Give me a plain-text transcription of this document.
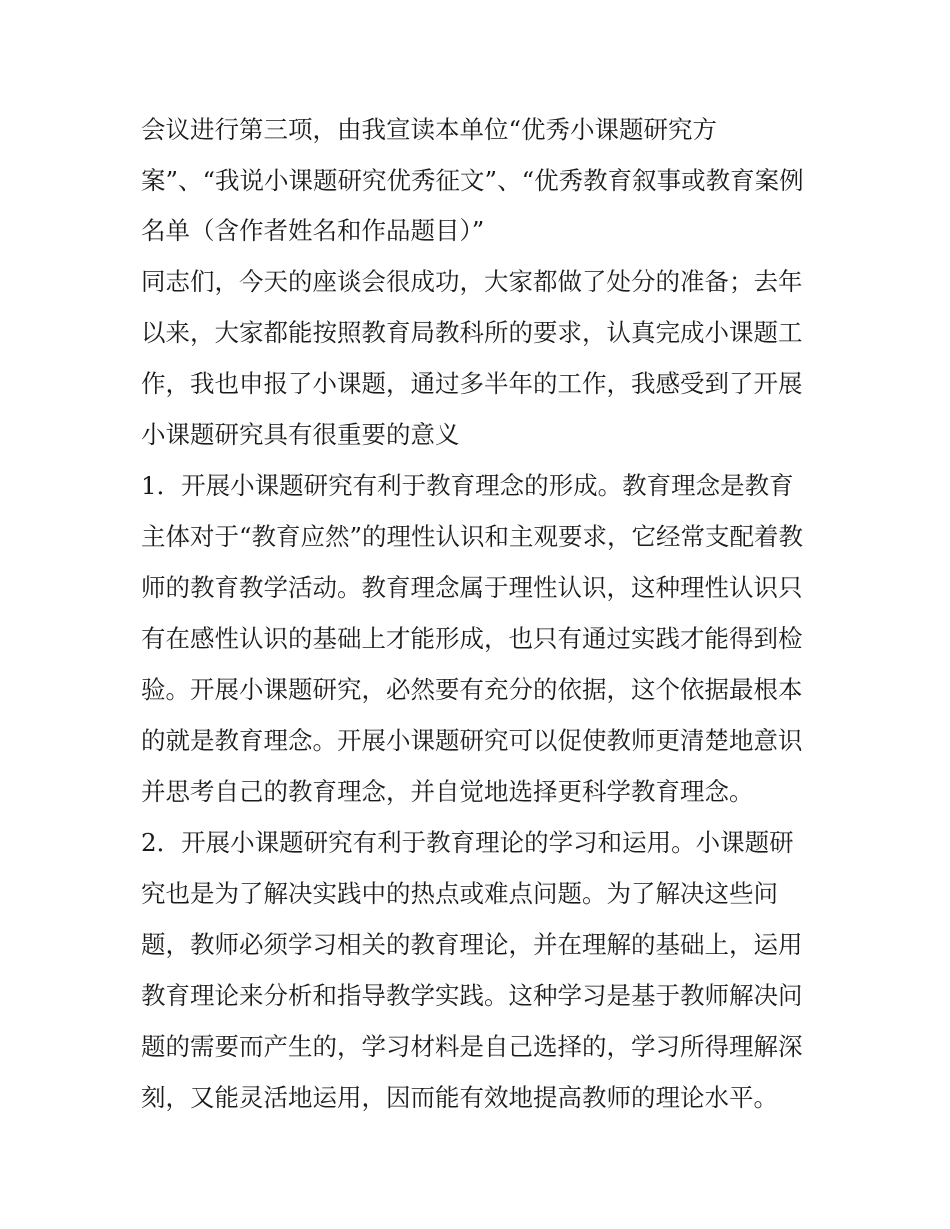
会议进行第三项，由我宣读本单位“优秀小课题研究方
案”、“我说小课题研究优秀征文”、“优秀教育叙事或教育案例
名单（含作者姓名和作品题目）”
同志们，今天的座谈会很成功，大家都做了处分的准备；去年
以来，大家都能按照教育局教科所的要求，认真完成小课题工
作，我也申报了小课题，通过多半年的工作，我感受到了开展
小课题研究具有很重要的意义
1．开展小课题研究有利于教育理念的形成。教育理念是教育
主体对于“教育应然”的理性认识和主观要求，它经常支配着教
师的教育教学活动。教育理念属于理性认识，这种理性认识只
有在感性认识的基础上才能形成，也只有通过实践才能得到检
验。开展小课题研究，必然要有充分的依据，这个依据最根本
的就是教育理念。开展小课题研究可以促使教师更清楚地意识
并思考自己的教育理念，并自觉地选择更科学教育理念。
2．开展小课题研究有利于教育理论的学习和运用。小课题研
究也是为了解决实践中的热点或难点问题。为了解决这些问
题，教师必须学习相关的教育理论，并在理解的基础上，运用
教育理论来分析和指导教学实践。这种学习是基于教师解决问
题的需要而产生的，学习材料是自己选择的，学习所得理解深
刻，又能灵活地运用，因而能有效地提高教师的理论水平。
